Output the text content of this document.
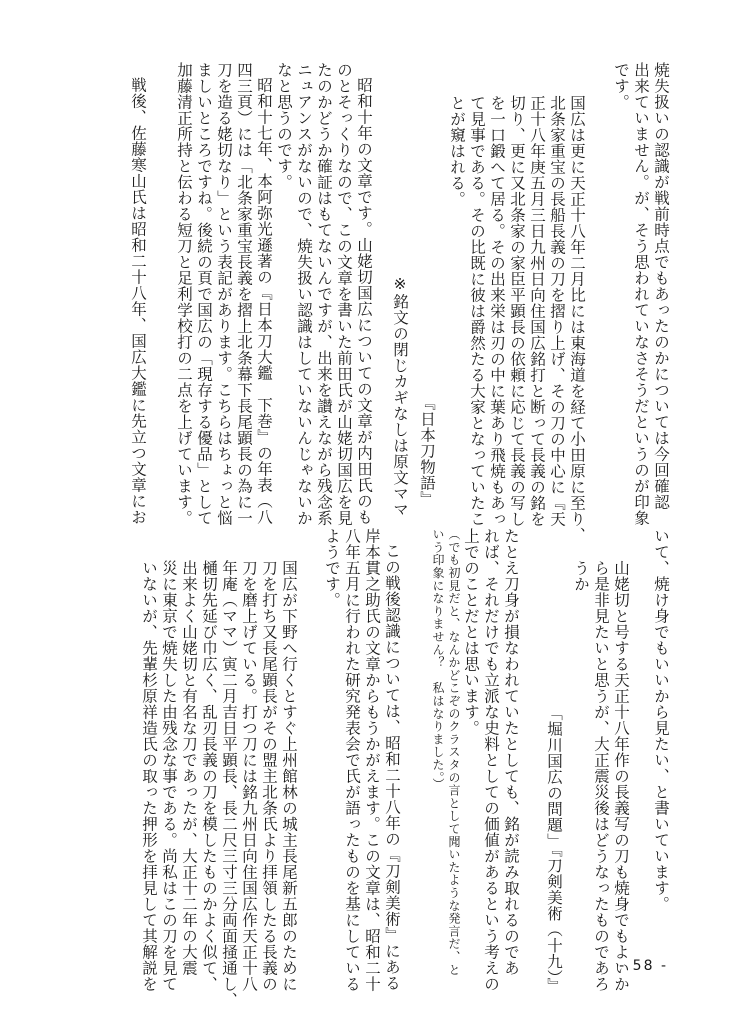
焼失扱いの認識が戦前時点でもあったのかについては今回確認
出来ていません。が、そう思われていなさそうだというのが印象
です。
国広は更に天正十八年二月比には東海道を経て小田原に至り、
北条家重宝の長船長義の刀を摺り上げ、その刀の中心に『天
正十八年庚五月三日九州日向住国広銘打と断って長義の銘を
切り、更に又北条家の家臣平顕長の依頼に応じて長義の写し
を一口鍛へて居る。その出来栄は刃の中に葉あり飛焼もあっ
て見事である。その比既に彼は爵然たる大家となっていたこ
とが窺はれる。
『日本刀物語』
※銘文の閉じカギなしは原文ママ
昭和十年の文章です。山姥切国広についての文章が内田氏のも
のとそっくりなので、この文章を書いた前田氏が山姥切国広を見
たのかどうか確証はもてないんですが、出来を讃えながら残念系
ニュアンスがないので、焼失扱い認識はしていないんじゃないか
なと思うのです。
昭和十七年、本阿弥光遜著の『日本刀大鑑　下巻』の年表（八
四三頁）には「北条家重宝長義を摺上北条幕下長尾顕長の為に一
刀を造る姥切なり」という表記があります。こちらはちょっと悩
ましいところですね。後続の頁で国広の「現存する優品」として
加藤清正所持と伝わる短刀と足利学校打の二点を上げています。
戦後、佐藤寒山氏は昭和二十八年、国広大鑑に先立つ文章にお
いて、焼け身でもいいから見たい、と書いています。
山姥切と号する天正十八年作の長義写の刀も焼身でもよいか
ら是非見たいと思うが、大正震災後はどうなったものであろ
うか
「堀川国広の問題」『刀剣美術（十九）』
たとえ刀身が損なわれていたとしても、銘が読み取れるのであ
れば、それだけでも立派な史料としての価値があるという考えの
上でのことだとは思います。
（でも初見だと、なんかどこぞのクラスタの言として聞いたような発言だ、と
いう印象になりません？　私はなりました。）
この戦後認識については、昭和二十八年の『刀剣美術』にある
岸本貫之助氏の文章からもうかがえます。この文章は、昭和二十
八年五月に行われた研究発表会で氏が語ったものを基にしている
ようです。
国広が下野へ行くとすぐ上州館林の城主長尾新五郎のために
刀を打ち又長尾顕長がその盟主北条氏より拝領したる長義の
刀を磨上げている。打つ刀には銘九州日向住国広作天正十八
年庵（ママ）寅二月吉日平顕長、長二尺三寸三分両面掻通し、
樋切先延び巾広く、乱刃長義の刀を模したものかよく似て、
出来よく山姥切と有名な刀であったが、大正十二年の大震
災に東京で焼失した由残念な事である。尚私はこの刀を見て
いないが、先輩杉原祥造氏の取った押形を拝見して其解説を	- 58 -
